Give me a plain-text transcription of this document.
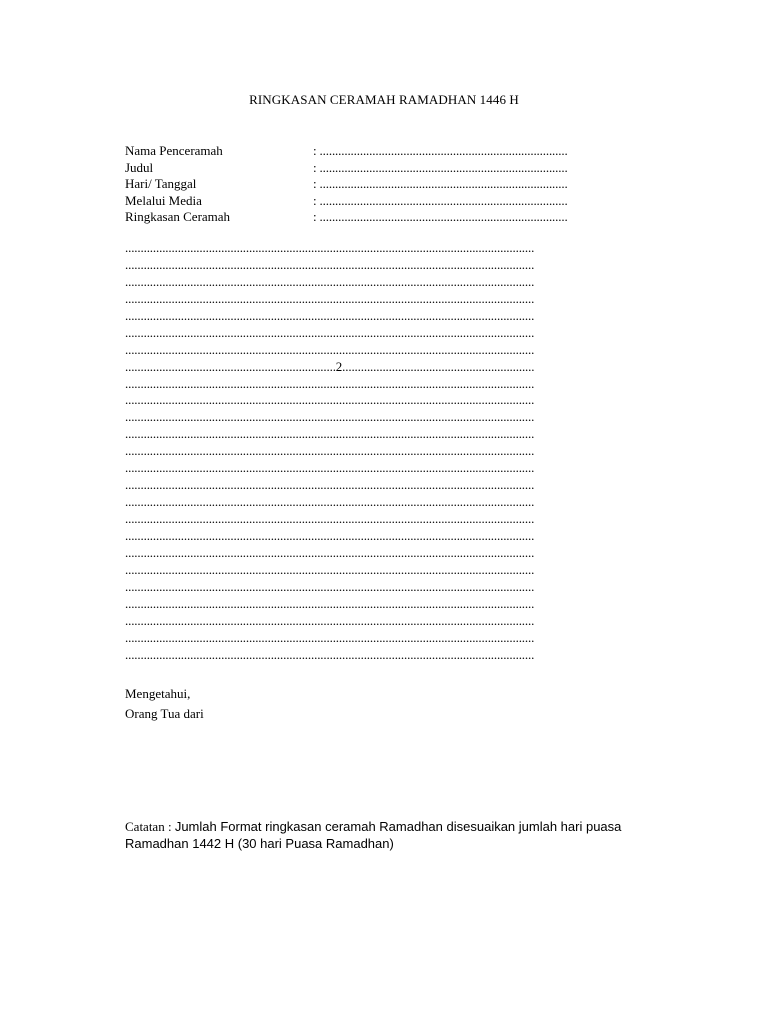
RINGKASAN CERAMAH RAMADHAN 1446 H
Nama Penceramah	: ................................................................................
Judul	: ................................................................................
Hari/ Tanggal	: ................................................................................
Melalui Media	: ................................................................................
Ringkasan Ceramah	: ................................................................................
....................................................................................................................................
....................................................................................................................................
....................................................................................................................................
....................................................................................................................................
....................................................................................................................................
....................................................................................................................................
....................................................................................................................................
....................................................................2..............................................................
....................................................................................................................................
....................................................................................................................................
....................................................................................................................................
....................................................................................................................................
....................................................................................................................................
....................................................................................................................................
....................................................................................................................................
....................................................................................................................................
....................................................................................................................................
....................................................................................................................................
....................................................................................................................................
....................................................................................................................................
....................................................................................................................................
....................................................................................................................................
....................................................................................................................................
....................................................................................................................................
....................................................................................................................................
Mengetahui,
Orang Tua dari
Catatan : Jumlah Format ringkasan ceramah Ramadhan disesuaikan jumlah hari puasa
Ramadhan 1442 H (30 hari Puasa Ramadhan)
